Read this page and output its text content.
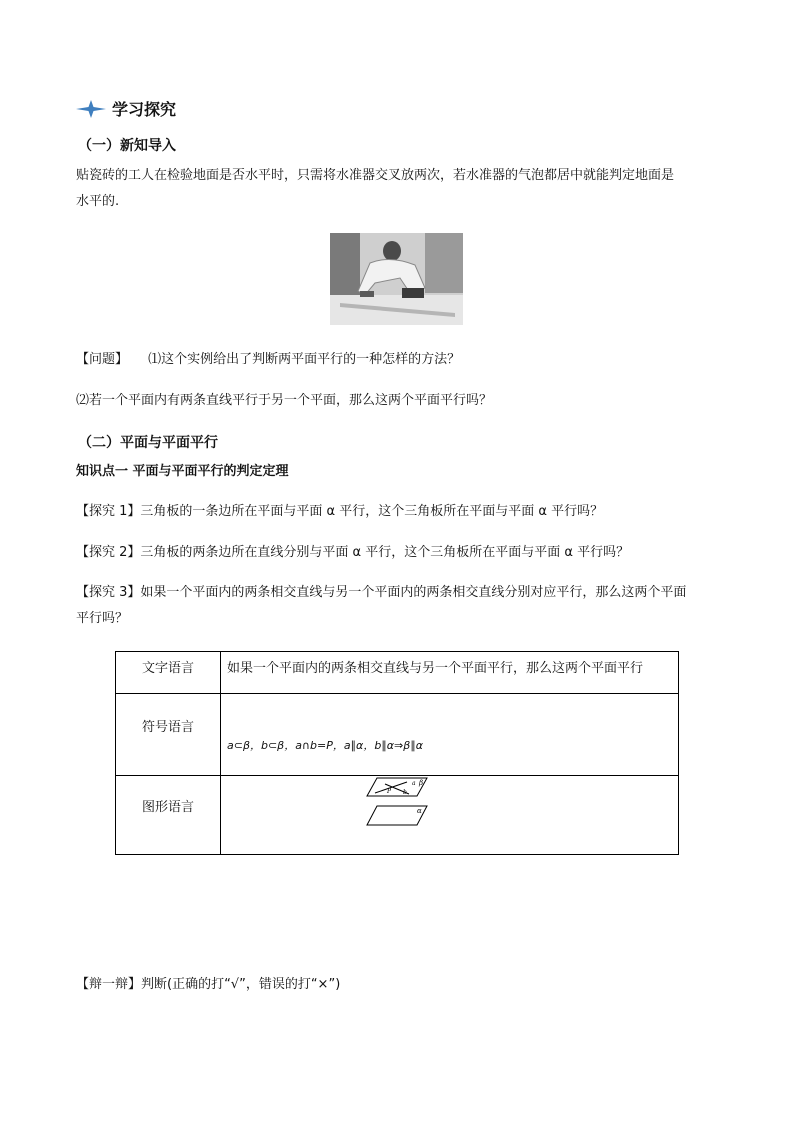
学习探究
（一）新知导入
贴瓷砖的工人在检验地面是否水平时，只需将水准器交叉放两次，若水准器的气泡都居中就能判定地面是
水平的.
【问题】 ⑴这个实例给出了判断两平面平行的一种怎样的方法？
⑵若一个平面内有两条直线平行于另一个平面，那么这两个平面平行吗？
（二）平面与平面平行
知识点一 平面与平面平行的判定定理
【探究 1】三角板的一条边所在平面与平面 α 平行，这个三角板所在平面与平面 α 平行吗？
【探究 2】三角板的两条边所在直线分别与平面 α 平行，这个三角板所在平面与平面 α 平行吗？
【探究 3】如果一个平面内的两条相交直线与另一个平面内的两条相交直线分别对应平行，那么这两个平面
平行吗？
文字语言	如果一个平面内的两条相交直线与另一个平面平行，那么这两个平面平行
符号语言	a⊂β，b⊂β，a∩b=P，a∥α，b∥α⇒β∥α
图形语言	β
a
b
P
α
【辩一辩】判断(正确的打“√”，错误的打“×”)
